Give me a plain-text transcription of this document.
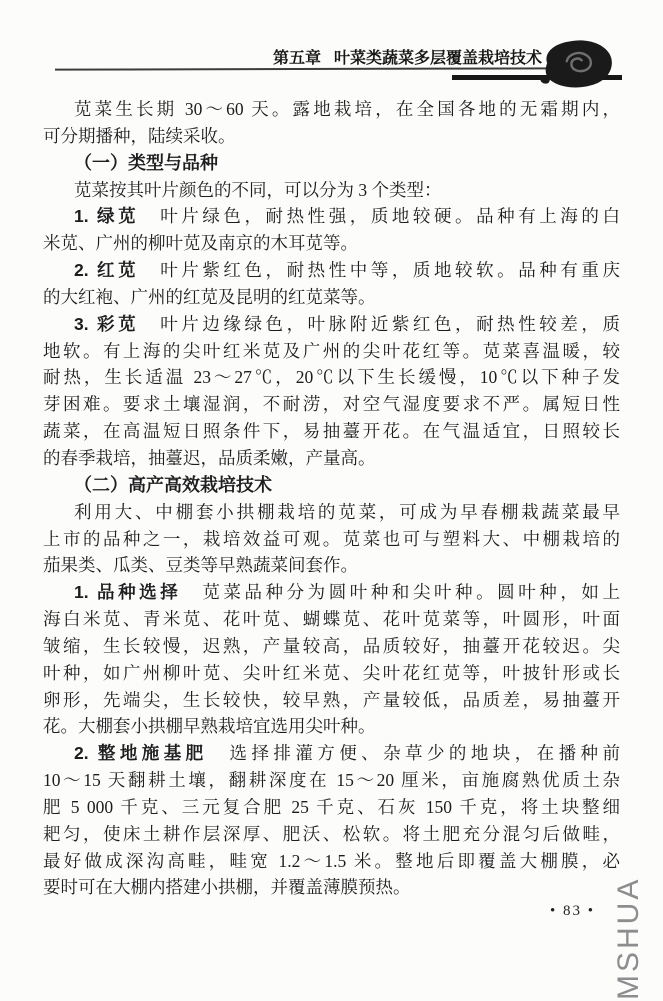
第五章 叶菜类蔬菜多层覆盖栽培技术
苋菜生长期 30～60 天。露地栽培，在全国各地的无霜期内，
可分期播种，陆续采收。
（一）类型与品种
苋菜按其叶片颜色的不同，可以分为 3 个类型：
1. 绿苋　叶片绿色，耐热性强，质地较硬。品种有上海的白
米苋、广州的柳叶苋及南京的木耳苋等。
2. 红苋　叶片紫红色，耐热性中等，质地较软。品种有重庆
的大红袍、广州的红苋及昆明的红苋菜等。
3. 彩苋　叶片边缘绿色，叶脉附近紫红色，耐热性较差，质
地软。有上海的尖叶红米苋及广州的尖叶花红等。苋菜喜温暖，较
耐热，生长适温 23～27℃，20℃以下生长缓慢，10℃以下种子发
芽困难。要求土壤湿润，不耐涝，对空气湿度要求不严。属短日性
蔬菜，在高温短日照条件下，易抽薹开花。在气温适宜，日照较长
的春季栽培，抽薹迟，品质柔嫩，产量高。
（二）高产高效栽培技术
利用大、中棚套小拱棚栽培的苋菜，可成为早春棚栽蔬菜最早
上市的品种之一，栽培效益可观。苋菜也可与塑料大、中棚栽培的
茄果类、瓜类、豆类等早熟蔬菜间套作。
1. 品种选择　苋菜品种分为圆叶种和尖叶种。圆叶种，如上
海白米苋、青米苋、花叶苋、蝴蝶苋、花叶苋菜等，叶圆形，叶面
皱缩，生长较慢，迟熟，产量较高，品质较好，抽薹开花较迟。尖
叶种，如广州柳叶苋、尖叶红米苋、尖叶花红苋等，叶披针形或长
卵形，先端尖，生长较快，较早熟，产量较低，品质差，易抽薹开
花。大棚套小拱棚早熟栽培宜选用尖叶种。
2. 整地施基肥　选择排灌方便、杂草少的地块，在播种前
10～15 天翻耕土壤，翻耕深度在 15～20 厘米，亩施腐熟优质土杂
肥 5 000 千克、三元复合肥 25 千克、石灰 150 千克，将土块整细
耙匀，使床土耕作层深厚、肥沃、松软。将土肥充分混匀后做畦，
最好做成深沟高畦，畦宽 1.2～1.5 米。整地后即覆盖大棚膜，必
要时可在大棚内搭建小拱棚，并覆盖薄膜预热。
• 83 • MSHUA
